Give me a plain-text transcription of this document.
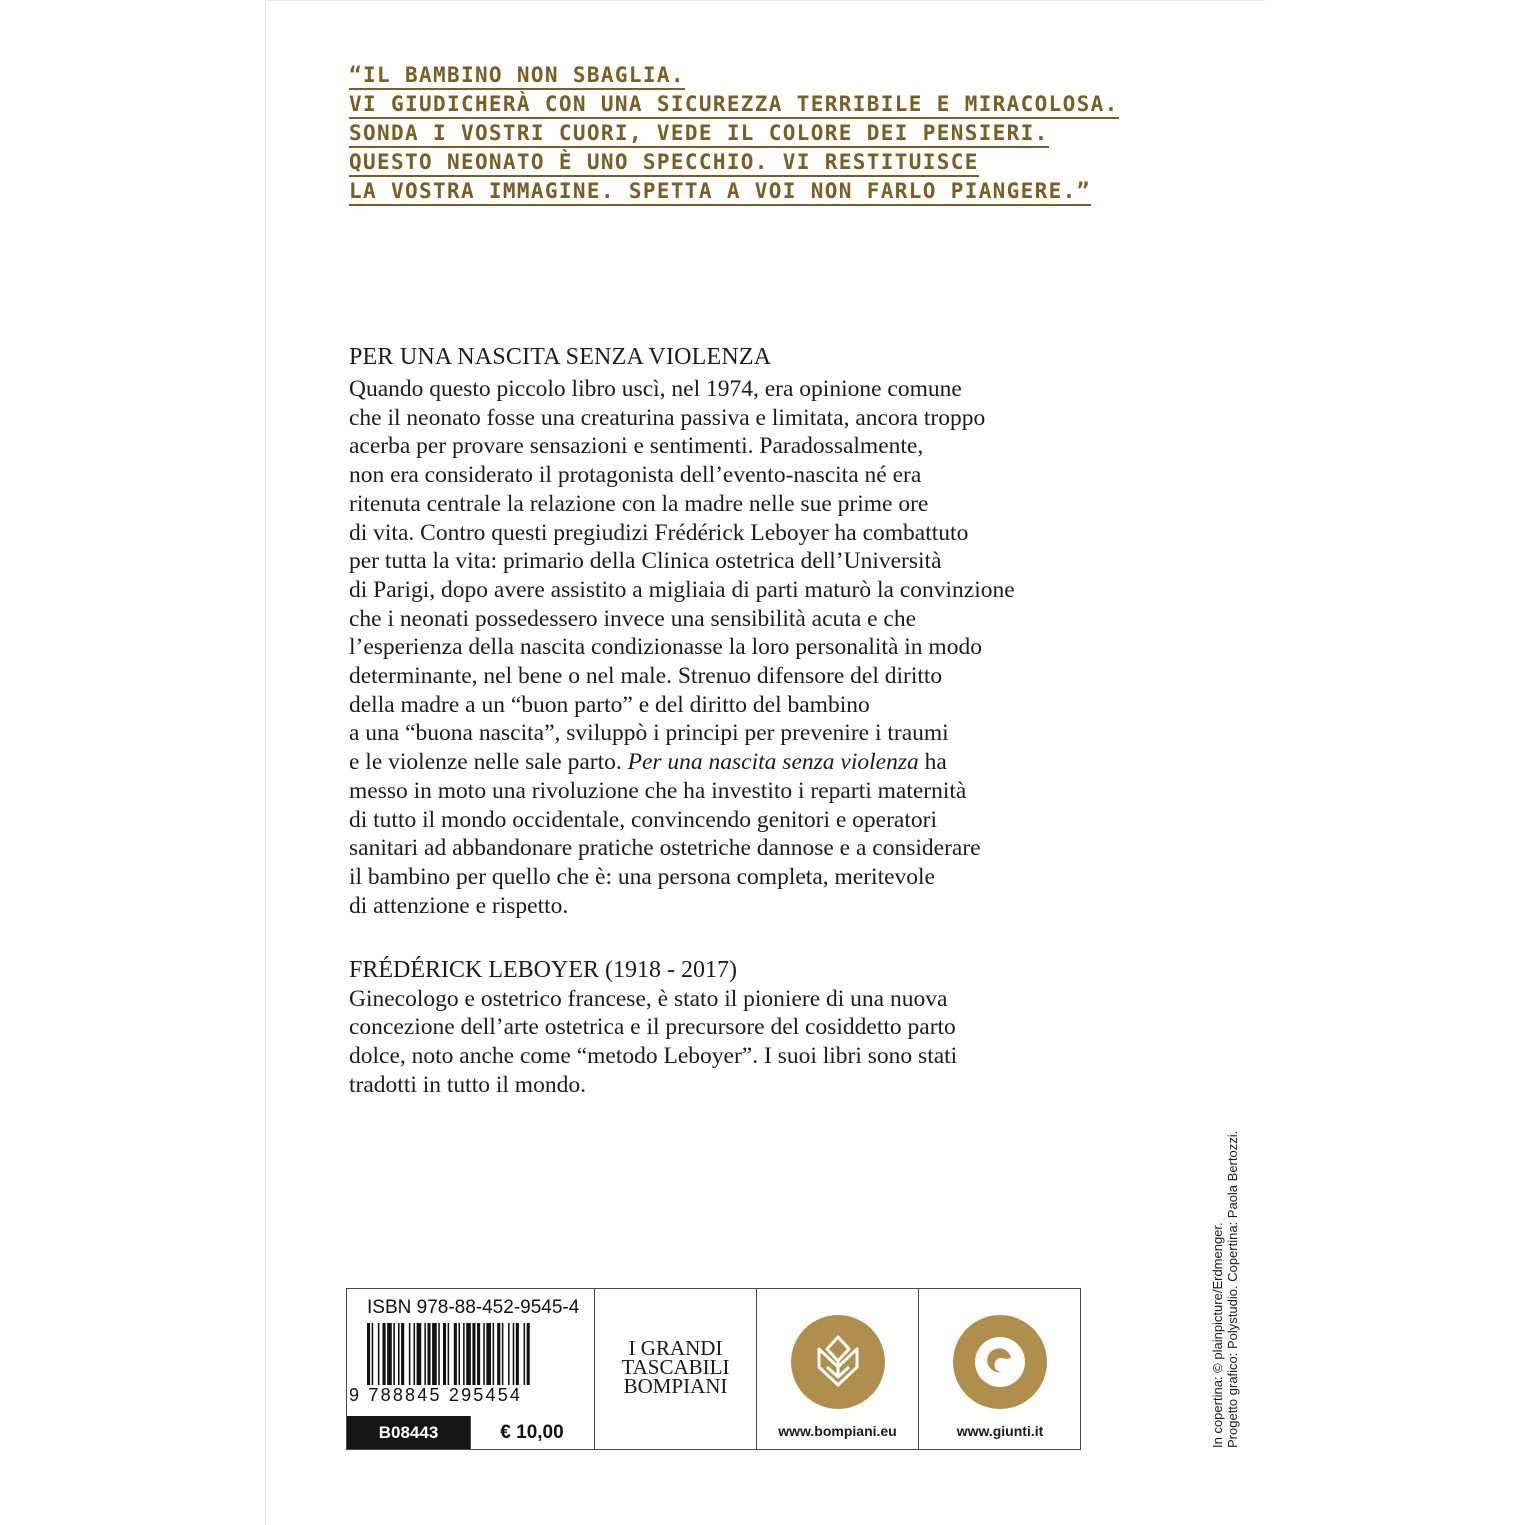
“IL BAMBINO NON SBAGLIA.
VI GIUDICHERÀ CON UNA SICUREZZA TERRIBILE E MIRACOLOSA.
SONDA I VOSTRI CUORI, VEDE IL COLORE DEI PENSIERI.
QUESTO NEONATO È UNO SPECCHIO. VI RESTITUISCE
LA VOSTRA IMMAGINE. SPETTA A VOI NON FARLO PIANGERE.”
PER UNA NASCITA SENZA VIOLENZA
Quando questo piccolo libro uscì, nel 1974, era opinione comune
che il neonato fosse una creaturina passiva e limitata, ancora troppo
acerba per provare sensazioni e sentimenti. Paradossalmente,
non era considerato il protagonista dell’evento-nascita né era
ritenuta centrale la relazione con la madre nelle sue prime ore
di vita. Contro questi pregiudizi Frédérick Leboyer ha combattuto
per tutta la vita: primario della Clinica ostetrica dell’Università
di Parigi, dopo avere assistito a migliaia di parti maturò la convinzione
che i neonati possedessero invece una sensibilità acuta e che
l’esperienza della nascita condizionasse la loro personalità in modo
determinante, nel bene o nel male. Strenuo difensore del diritto
della madre a un “buon parto” e del diritto del bambino
a una “buona nascita”, sviluppò i principi per prevenire i traumi
e le violenze nelle sale parto. Per una nascita senza violenza ha
messo in moto una rivoluzione che ha investito i reparti maternità
di tutto il mondo occidentale, convincendo genitori e operatori
sanitari ad abbandonare pratiche ostetriche dannose e a considerare
il bambino per quello che è: una persona completa, meritevole
di attenzione e rispetto.
FRÉDÉRICK LEBOYER (1918 - 2017)
Ginecologo e ostetrico francese, è stato il pioniere di una nuova
concezione dell’arte ostetrica e il precursore del cosiddetto parto
dolce, noto anche come “metodo Leboyer”. I suoi libri sono stati
tradotti in tutto il mondo.
ISBN 978-88-452-9545-4
9 788845 295454
B08443	€ 10,00
I GRANDI
TASCABILI
BOMPIANI
www.bompiani.eu	www.giunti.it	In copertina: © plainpicture/Erdmenger. Progetto grafico: Polystudio. Copertina: Paola Bertozzi.
